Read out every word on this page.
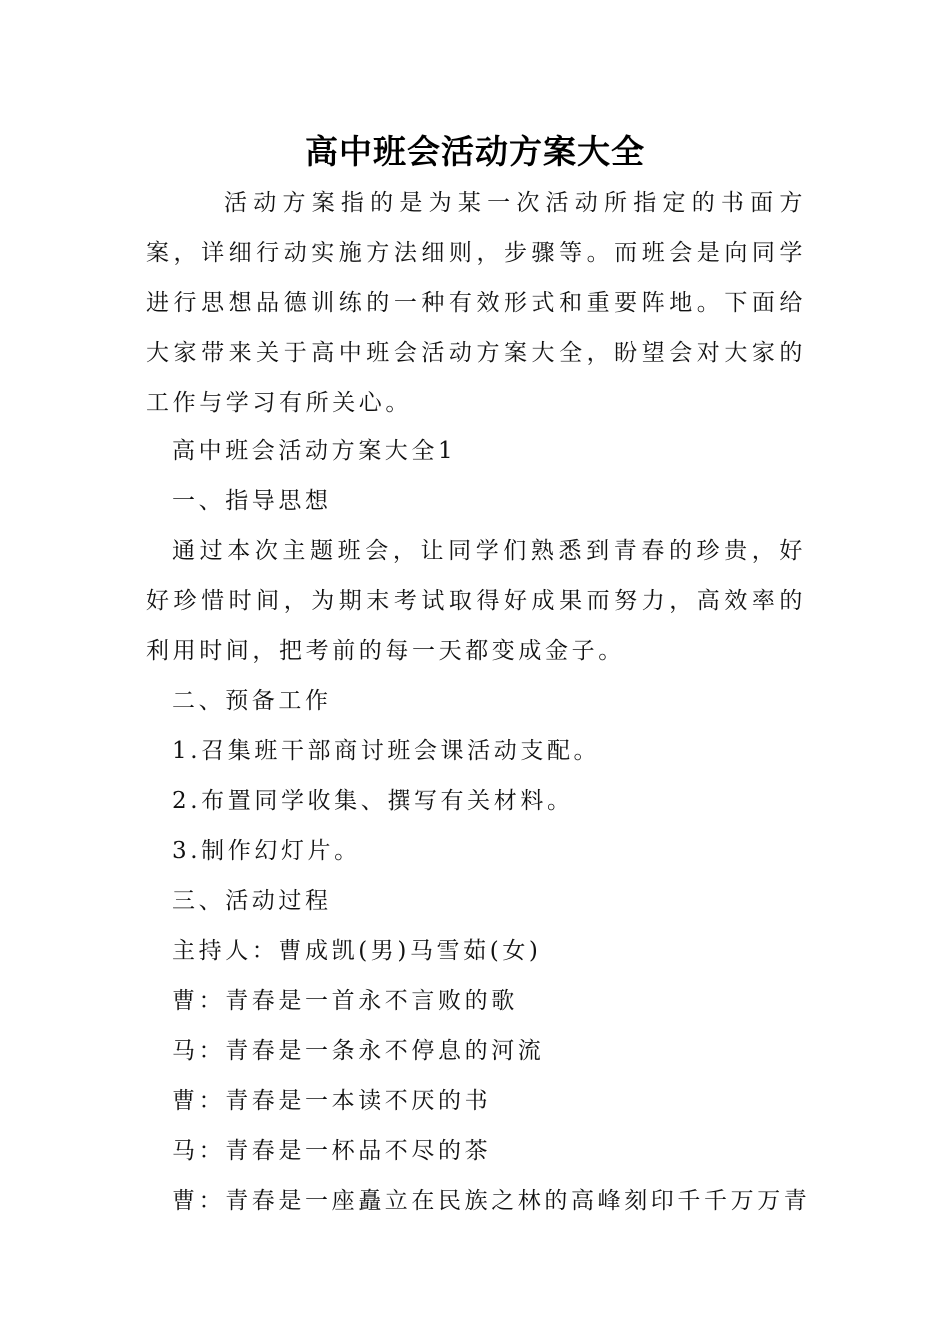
高中班会活动方案大全
活动方案指的是为某一次活动所指定的书面方案，详细行动实施方法细则，步骤等。而班会是向同学进行思想品德训练的一种有效形式和重要阵地。下面给大家带来关于高中班会活动方案大全，盼望会对大家的工作与学习有所关心。
高中班会活动方案大全1
一、指导思想
通过本次主题班会，让同学们熟悉到青春的珍贵，好好珍惜时间，为期末考试取得好成果而努力，高效率的利用时间，把考前的每一天都变成金子。
二、预备工作
1.召集班干部商讨班会课活动支配。
2.布置同学收集、撰写有关材料。
3.制作幻灯片。
三、活动过程
主持人：曹成凯(男)马雪茹(女)
曹：青春是一首永不言败的歌
马：青春是一条永不停息的河流
曹：青春是一本读不厌的书
马：青春是一杯品不尽的茶
曹：青春是一座矗立在民族之林的高峰刻印千千万万青
